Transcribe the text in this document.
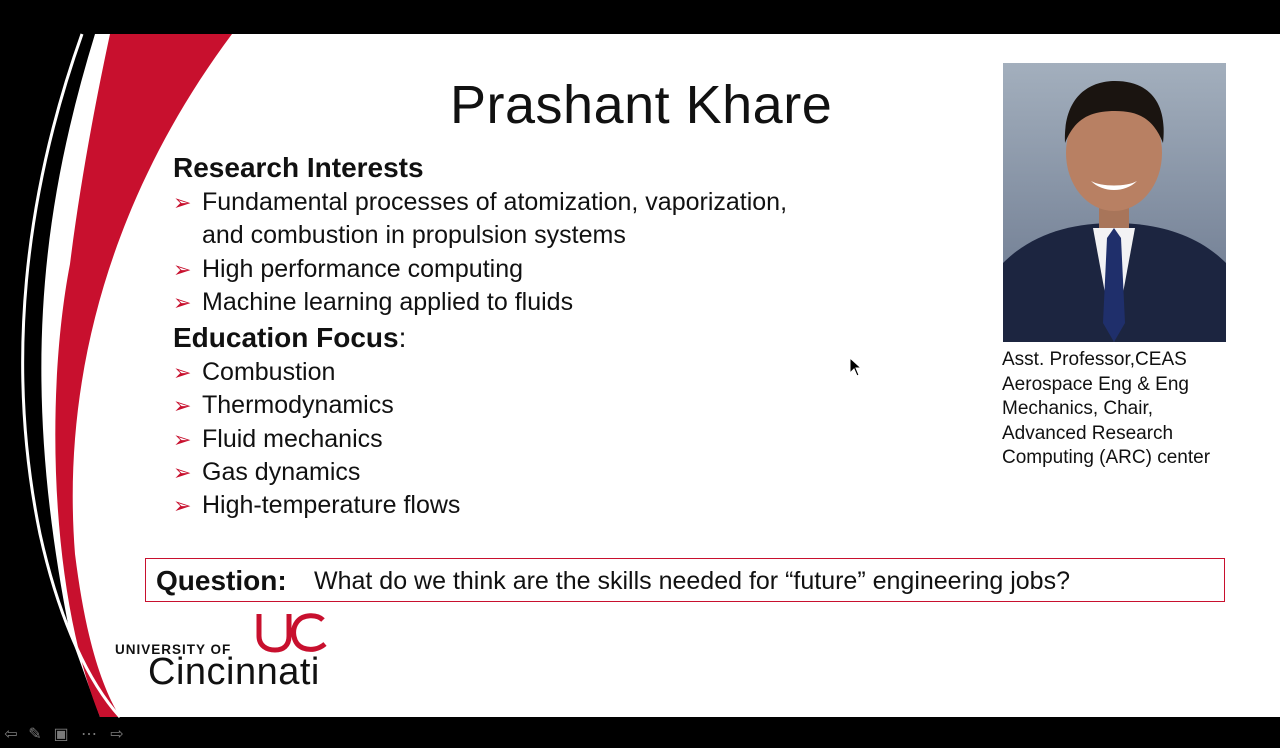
Prashant Khare
Research Interests
➢ Fundamental processes of atomization, vaporization,
and combustion in propulsion systems
➢ High performance computing
➢ Machine learning applied to fluids
Education Focus:
➢ Combustion
➢ Thermodynamics
➢ Fluid mechanics
➢ Gas dynamics
➢ High-temperature flows
Asst. Professor,CEAS
Aerospace Eng & Eng
Mechanics, Chair,
Advanced Research
Computing (ARC) center
Question: What do we think are the skills needed for “future” engineering jobs?
UNIVERSITY OF
Cincinnati
⇦ ✎ ▣ ⋯ ⇨
